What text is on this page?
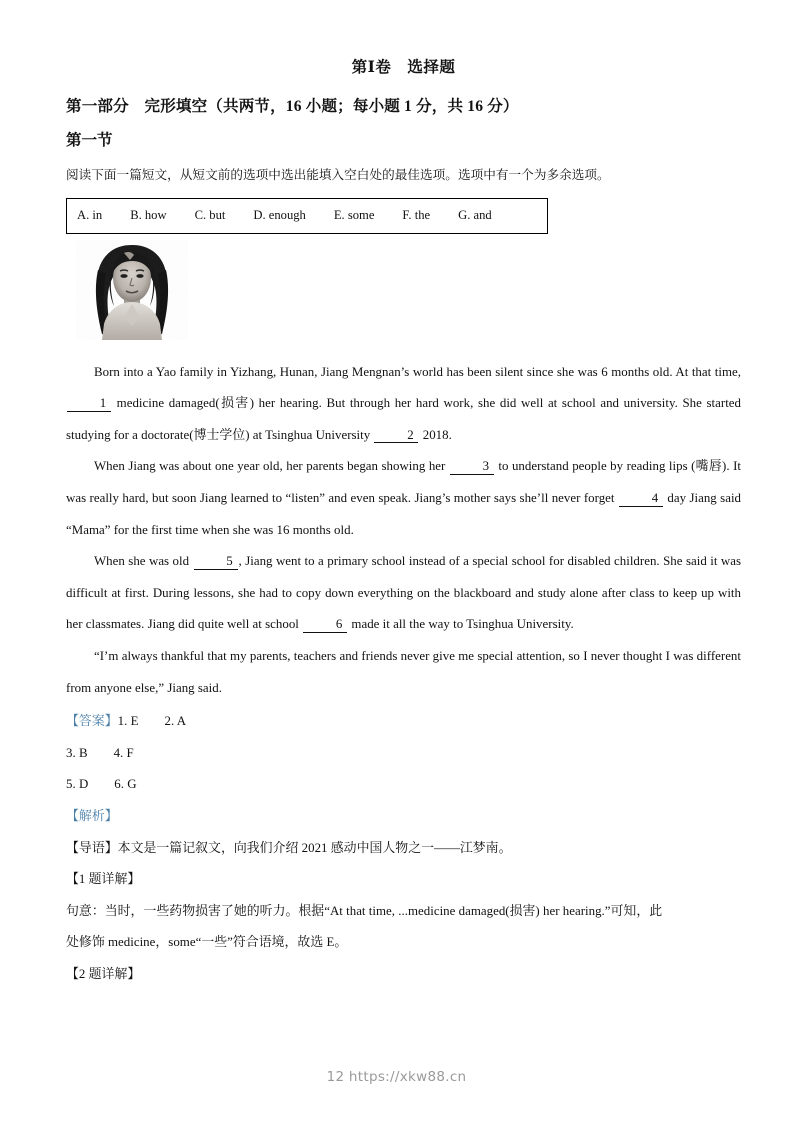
第Ⅰ卷　选择题
第一部分　完形填空（共两节，16 小题；每小题 1 分，共 16 分）
第一节
阅读下面一篇短文，从短文前的选项中选出能填入空白处的最佳选项。选项中有一个为多余选项。
A. in B. how C. but D. enough E. some F. the G. and

Born into a Yao family in Yizhang, Hunan, Jiang Mengnan’s world has been silent since she was 6 months old. At that time, 1 medicine damaged(损害) her hearing. But through her hard work, she did well at school and university. She started studying for a doctorate(博士学位) at Tsinghua University	2 2018.

When Jiang was about one year old, her parents began showing her	3 to understand people by reading lips (嘴唇). It was really hard, but soon Jiang learned to “listen” and even speak. Jiang’s mother says she’ll never forget	4 day Jiang said “Mama” for the first time when she was 16 months old.

When she was old	5 , Jiang went to a primary school instead of a special school for disabled children. She said it was difficult at first. During lessons, she had to copy down everything on the blackboard and study alone after class to keep up with her classmates. Jiang did quite well at school	6 made it all the way to Tsinghua University.

“I’m always thankful that my parents, teachers and friends never give me special attention, so I never thought I was different from anyone else,” Jiang said.

【答案】1. E 2. A
3. B 4. F
5. D 6. G
【解析】
【导语】本文是一篇记叙文，向我们介绍 2021 感动中国人物之一——江梦南。
【1 题详解】
句意：当时，一些药物损害了她的听力。根据“At that time, ...medicine damaged(损害) her hearing.”可知，此
处修饰 medicine，some“一些”符合语境，故选 E。
【2 题详解】
12 https://xkw88.cn
